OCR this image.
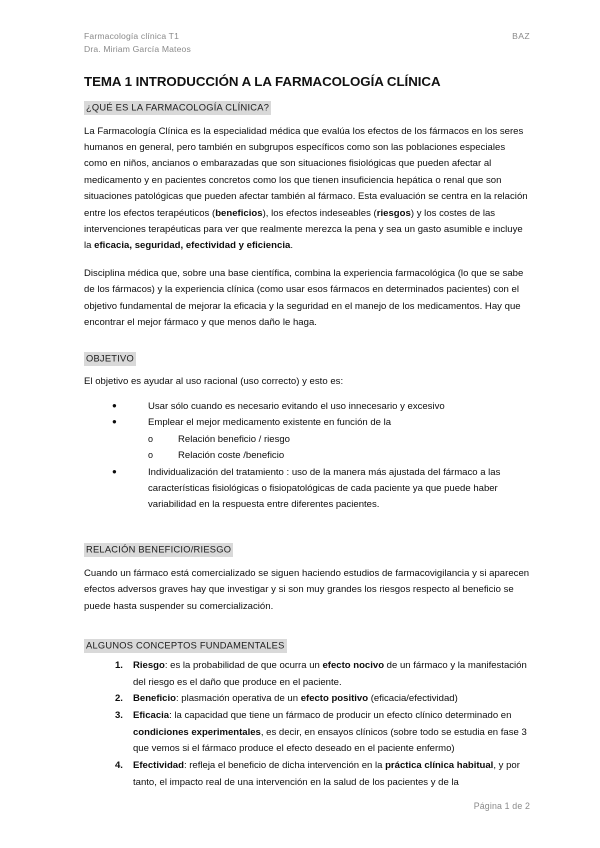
Farmacología clínica T1
Dra. Miriam García Mateos
BAZ
TEMA 1 INTRODUCCIÓN A LA FARMACOLOGÍA CLÍNICA
¿QUÉ ES LA FARMACOLOGÍA CLÍNICA?

La Farmacología Clínica es la especialidad médica que evalúa los efectos de los fármacos en los seres humanos en general, pero también en subgrupos específicos como son las poblaciones especiales como en niños, ancianos o embarazadas que son situaciones fisiológicas que pueden afectar al medicamento y en pacientes concretos como los que tienen insuficiencia hepática o renal que son situaciones patológicas que pueden afectar también al fármaco. Esta evaluación se centra en la relación entre los efectos terapéuticos (beneficios), los efectos indeseables (riesgos) y los costes de las intervenciones terapéuticas para ver que realmente merezca la pena y sea un gasto asumible e incluye la eficacia, seguridad, efectividad y eficiencia.

Disciplina médica que, sobre una base científica, combina la experiencia farmacológica (lo que se sabe de los fármacos) y la experiencia clínica (como usar esos fármacos en determinados pacientes) con el objetivo fundamental de mejorar la eficacia y la seguridad en el manejo de los medicamentos. Hay que encontrar el mejor fármaco y que menos daño le haga.

OBJETIVO

El objetivo es ayudar al uso racional (uso correcto) y esto es:

●	Usar sólo cuando es necesario evitando el uso innecesario y excesivo
●	Emplear el mejor medicamento existente en función de la
o	Relación beneficio / riesgo
o	Relación coste /beneficio
●	Individualización del tratamiento : uso de la manera más ajustada del fármaco a las características fisiológicas o fisiopatológicas de cada paciente ya que puede haber variabilidad en la respuesta entre diferentes pacientes.
RELACIÓN BENEFICIO/RIESGO

Cuando un fármaco está comercializado se siguen haciendo estudios de farmacovigilancia y si aparecen efectos adversos graves hay que investigar y si son muy grandes los riesgos respecto al beneficio se puede hasta suspender su comercialización.

ALGUNOS CONCEPTOS FUNDAMENTALES
1. Riesgo: es la probabilidad de que ocurra un efecto nocivo de un fármaco y la manifestación del riesgo es el daño que produce en el paciente.
2. Beneficio: plasmación operativa de un efecto positivo (eficacia/efectividad)
3. Eficacia: la capacidad que tiene un fármaco de producir un efecto clínico determinado en condiciones experimentales, es decir, en ensayos clínicos (sobre todo se estudia en fase 3 que vemos si el fármaco produce el efecto deseado en el paciente enfermo)
4. Efectividad: refleja el beneficio de dicha intervención en la práctica clínica habitual, y por tanto, el impacto real de una intervención en la salud de los pacientes y de la
Página 1 de 2
